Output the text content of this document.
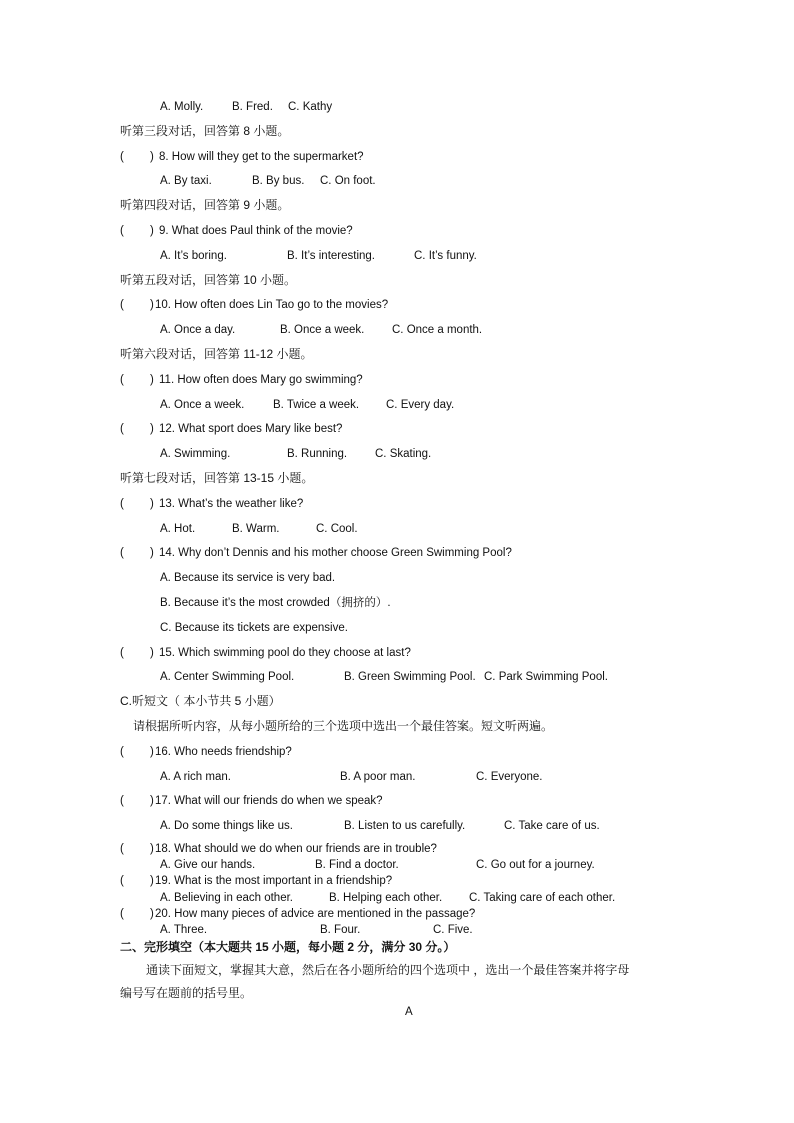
A. Molly.	B. Fred. C. Kathy
听第三段对话，回答第 8 小题。
( ) 8. How will they get to the supermarket?
A. By taxi.	B. By bus. C. On foot.
听第四段对话，回答第 9 小题。
( ) 9. What does Paul think of the movie?
A. It’s boring.	B. It’s interesting.	C. It’s funny.
听第五段对话，回答第 10 小题。
( ) 10. How often does Lin Tao go to the movies?
A. Once a day.	B. Once a week. C. Once a month.
听第六段对话，回答第 11-12 小题。
( ) 11. How often does Mary go swimming?
A. Once a week. B. Twice a week. C. Every day.
( ) 12. What sport does Mary like best?
A. Swimming.	B. Running. C. Skating.
听第七段对话，回答第 13-15 小题。
( ) 13. What’s the weather like?
A. Hot.	B. Warm.	C. Cool.
( ) 14. Why don’t Dennis and his mother choose Green Swimming Pool?
A. Because its service is very bad.
B. Because it’s the most crowded（拥挤的）.
C. Because its tickets are expensive.
( ) 15. Which swimming pool do they choose at last?
A. Center Swimming Pool.	B. Green Swimming Pool. C. Park Swimming Pool.
C.听短文（ 本小节共 5 小题）
请根据所听内容，从每小题所给的三个选项中选出一个最佳答案。短文听两遍。
( ) 16. Who needs friendship?
A. A rich man.	B. A poor man.	C. Everyone.
( ) 17. What will our friends do when we speak?
A. Do some things like us.	B. Listen to us carefully.	C. Take care of us.
( ) 18. What should we do when our friends are in trouble?
A. Give our hands.	B. Find a doctor.	C. Go out for a journey.
( ) 19. What is the most important in a friendship?
A. Believing in each other.	B. Helping each other. C. Taking care of each other.
( ) 20. How many pieces of advice are mentioned in the passage?
A. Three.	B. Four.	C. Five.
二、完形填空（本大题共 15 小题，每小题 2 分，满分 30 分。）
通读下面短文，掌握其大意，然后在各小题所给的四个选项中 ，选出一个最佳答案并将字母
编号写在题前的括号里。
A
